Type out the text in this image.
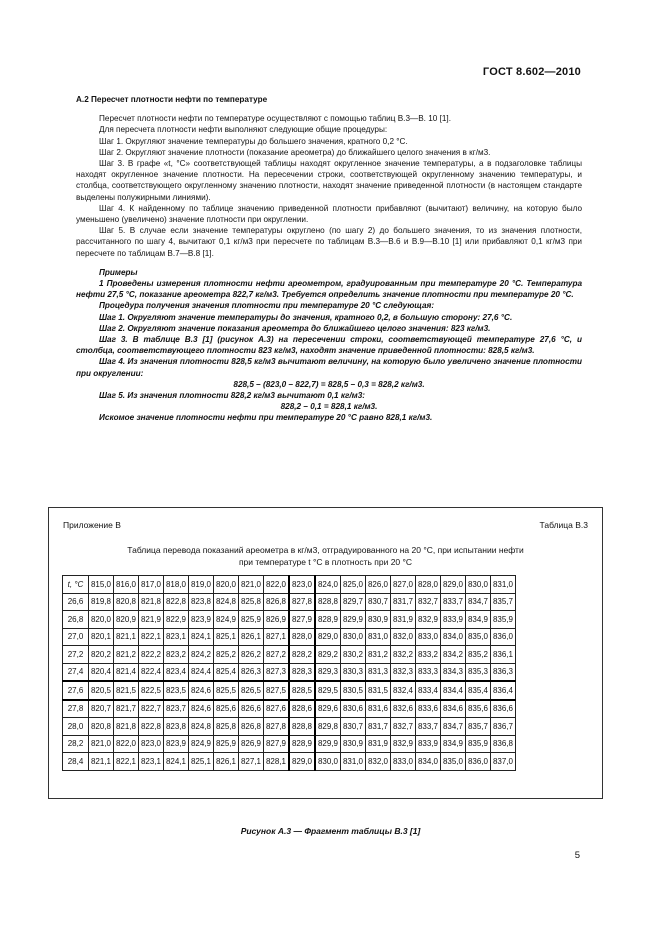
ГОСТ 8.602—2010

А.2 Пересчет плотности нефти по температуре

Пересчет плотности нефти по температуре осуществляют с помощью таблиц В.3—В. 10 [1].

Для пересчета плотности нефти выполняют следующие общие процедуры:

Шаг 1. Округляют значение температуры до большего значения, кратного 0,2 °С.

Шаг 2. Округляют значение плотности (показание ареометра) до ближайшего целого значения в кг/м3.

Шаг 3. В графе «t, °С» соответствующей таблицы находят округленное значение температуры, а в подзаголовке таблицы находят округленное значение плотности. На пересечении строки, соответствующей округленному значению температуры, и столбца, соответствующего округленному значению плотности, находят значение приведенной плотности (в настоящем стандарте выделены полужирными линиями).

Шаг 4. К найденному по таблице значению приведенной плотности прибавляют (вычитают) величину, на которую было уменьшено (увеличено) значение плотности при округлении.

Шаг 5. В случае если значение температуры округлено (по шагу 2) до большего значения, то из значения плотности, рассчитанного по шагу 4, вычитают 0,1 кг/м3 при пересчете по таблицам В.3—В.6 и В.9—В.10 [1] или прибавляют 0,1 кг/м3 при пересчете по таблицам В.7—В.8 [1].

Примеры

1 Проведены измерения плотности нефти ареометром, градуированным при температуре 20 °С. Температура нефти 27,5 °С, показание ареометра 822,7 кг/м3. Требуется определить значение плотности при температуре 20 °С.

Процедура получения значения плотности при температуре 20 °С следующая:

Шаг 1. Округляют значение температуры до значения, кратного 0,2, в большую сторону: 27,6 °С.

Шаг 2. Округляют значение показания ареометра до ближайшего целого значения: 823 кг/м3.

Шаг 3. В таблице В.3 [1] (рисунок А.3) на пересечении строки, соответствующей температуре 27,6 °С, и столбца, соответствующего плотности 823 кг/м3, находят значение приведенной плотности: 828,5 кг/м3.

Шаг 4. Из значения плотности 828,5 кг/м3 вычитают величину, на которую было увеличено значение плотности при округлении:

828,5 – (823,0 – 822,7) = 828,5 – 0,3 = 828,2 кг/м3.

Шаг 5. Из значения плотности 828,2 кг/м3 вычитают 0,1 кг/м3:

828,2 – 0,1 = 828,1 кг/м3.

Искомое значение плотности нефти при температуре 20 °С равно 828,1 кг/м3.

Приложение В	Таблица В.3
Таблица перевода показаний ареометра в кг/м3, отградуированного на 20 °С, при испытании нефти
при температуре t °С в плотность при 20 °С
t, °С	815,0	816,0	817,0	818,0	819,0	820,0	821,0	822,0	823,0	824,0	825,0	826,0	827,0	828,0	829,0	830,0	831,0
26,6	819,8	820,8	821,8	822,8	823,8	824,8	825,8	826,8	827,8	828,8	829,7	830,7	831,7	832,7	833,7	834,7	835,7
26,8	820,0	820,9	821,9	822,9	823,9	824,9	825,9	826,9	827,9	828,9	829,9	830,9	831,9	832,9	833,9	834,9	835,9
27,0	820,1	821,1	822,1	823,1	824,1	825,1	826,1	827,1	828,0	829,0	830,0	831,0	832,0	833,0	834,0	835,0	836,0
27,2	820,2	821,2	822,2	823,2	824,2	825,2	826,2	827,2	828,2	829,2	830,2	831,2	832,2	833,2	834,2	835,2	836,1
27,4	820,4	821,4	822,4	823,4	824,4	825,4	826,3	827,3	828,3	829,3	830,3	831,3	832,3	833,3	834,3	835,3	836,3
27,6	820,5	821,5	822,5	823,5	824,6	825,5	826,5	827,5	828,5	829,5	830,5	831,5	832,4	833,4	834,4	835,4	836,4
27,8	820,7	821,7	822,7	823,7	824,6	825,6	826,6	827,6	828,6	829,6	830,6	831,6	832,6	833,6	834,6	835,6	836,6
28,0	820,8	821,8	822,8	823,8	824,8	825,8	826,8	827,8	828,8	829,8	830,7	831,7	832,7	833,7	834,7	835,7	836,7
28,2	821,0	822,0	823,0	823,9	824,9	825,9	826,9	827,9	828,9	829,9	830,9	831,9	832,9	833,9	834,9	835,9	836,8
28,4	821,1	822,1	823,1	824,1	825,1	826,1	827,1	828,1	829,0	830,0	831,0	832,0	833,0	834,0	835,0	836,0	837,0
Рисунок А.3 — Фрагмент таблицы В.3 [1]
5
